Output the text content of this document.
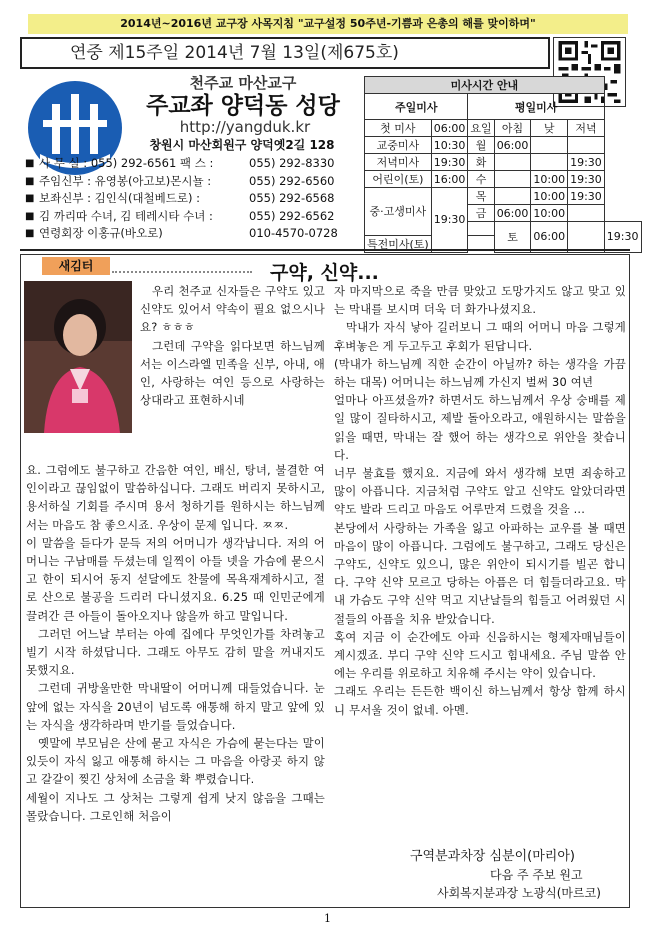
2014년~2016년 교구장 사목지침 "교구설정 50주년-기쁨과 은총의 해를 맞이하며"
연중 제15주일 2014년 7월 13일(제675호)
천주교 마산교구
주교좌 양덕동 성당
http://yangduk.kr
창원시 마산회원구 양덕옛2길 128
■ 사 무 실 : 055) 292-6561 팩 스 :	055) 292-8330
■ 주임신부 : 유영봉(아고보)몬시뇰 :	055) 292-6560
■ 보좌신부 : 김인식(대철베드로) :	055) 292-6568
■ 김 까리따 수녀, 김 테레시타 수녀 :	055) 292-6562
■ 연령회장 이홍규(바오로)	010-4570-0728
미사시간 안내						
주일미사		평일미사				
첫 미사	06:00	요일	아침	낮	저녁	
교중미사	10:30	월	06:00			
저녁미사	19:30	화			19:30	
어린이(토)	16:00	수		10:00	19:30	
중·고생미사	19:30	목		10:00	19:30	
		금	06:00	10:00		
			토	06:00		19:30
특전미사(토)						
새김터	구약, 신약...

우리 천주교 신자들은 구약도 있고 신약도 있어서 약속이 필요 없으시나요? ㅎㅎㅎ

그런데 구약을 읽다보면 하느님께서는 이스라엘 민족을 신부, 아내, 애인, 사랑하는 여인 등으로 사랑하는 상대라고 표현하시네

요. 그럼에도 불구하고 간음한 여인, 배신, 탕녀, 불결한 여인이라고 끊임없이 말씀하십니다. 그래도 버리지 못하시고, 용서하실 기회를 주시며 용서 청하기를 원하시는 하느님께서는 마음도 참 좋으시죠. 우상이 문제 입니다. ㅉㅉ.

이 말씀을 듣다가 문득 저의 어머니가 생각납니다. 저의 어머니는 구남매를 두셨는데 일찍이 아들 넷을 가슴에 묻으시고 한이 되시어 동지 섣달에도 찬물에 목욕재계하시고, 절로 산으로 불공을 드리러 다니셨지요. 6.25 때 인민군에게 끌려간 큰 아들이 돌아오지나 않을까 하고 말입니다.

그러던 어느날 부터는 아예 집에다 무엇인가를 차려놓고 빌기 시작 하셨답니다. 그래도 아무도 감히 말을 꺼내지도 못했지요.

그런데 귀방울만한 막내딸이 어머니께 대들었습니다. 눈앞에 없는 자식을 20년이 넘도록 애통해 하지 말고 앞에 있는 자식을 생각하라며 반기를 들었습니다.

옛말에 부모님은 산에 묻고 자식은 가슴에 묻는다는 말이 있듯이 자식 잃고 애통해 하시는 그 마음을 아랑곳 하지 않고 갈갈이 찢긴 상처에 소금을 확 뿌렸습니다.

세월이 지나도 그 상처는 그렇게 쉽게 낫지 않음을 그때는 몰랐습니다. 그로인해 처음이

자 마지막으로 죽을 만큼 맞았고 도망가지도 않고 맞고 있는 막내를 보시며 더욱 더 화가나셨지요.

막내가 자식 낳아 길러보니 그 때의 어머니 마음 그렇게 후벼놓은 게 두고두고 후회가 된답니다.

(막내가 하느님께 직한 순간이 아닐까? 하는 생각을 가끔 하는 대목) 어머니는 하느님께 가신지 벌써 30 여년

얼마나 아프셨을까? 하면서도 하느님께서 우상 숭배를 제일 많이 질타하시고, 제발 돌아오라고, 애원하시는 말씀을 읽을 때면, 막내는 잘 했어 하는 생각으로 위안을 찾습니다.

너무 불효를 했지요. 지금에 와서 생각해 보면 죄송하고 많이 아픕니다. 지금처럼 구약도 알고 신약도 알았더라면 약도 발라 드리고 마음도 어루만져 드렸을 것을 ...

본당에서 사랑하는 가족을 잃고 아파하는 교우를 볼 때면 마음이 많이 아픕니다. 그럼에도 불구하고, 그래도 당신은 구약도, 신약도 있으니, 많은 위안이 되시기를 빌곤 합니다. 구약 신약 모르고 당하는 아픔은 더 힘들더라고요. 막내 가슴도 구약 신약 먹고 지난날들의 힘들고 어려웠던 시절들의 아픔을 치유 받았습니다.

혹여 지금 이 순간에도 아파 신음하시는 형제자매님들이 계시겠죠. 부디 구약 신약 드시고 힘내세요. 주님 말씀 안에는 우리를 위로하고 치유해 주시는 약이 있습니다.

그래도 우리는 든든한 백이신 하느님께서 항상 함께 하시니 무서울 것이 없네. 아멘.

구역분과차장 심분이(마리아)
다음 주 주보 원고
사회복지분과장 노광식(마르코)
1
